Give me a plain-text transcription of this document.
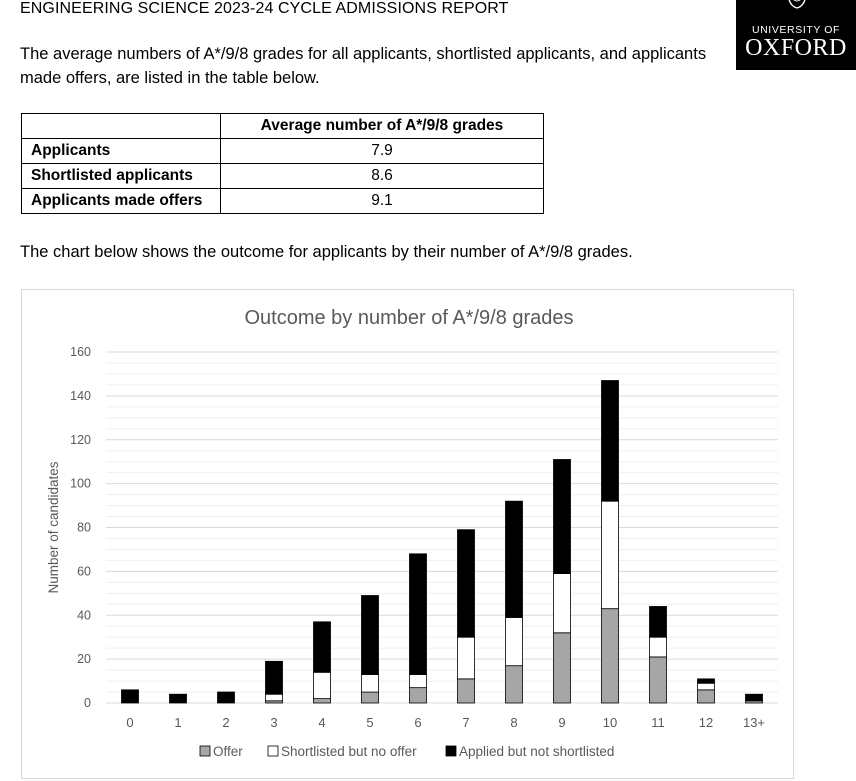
ENGINEERING SCIENCE 2023-24 CYCLE ADMISSIONS REPORT
UNIVERSITY OF
OXFORD
The average numbers of A*/9/8 grades for all applicants, shortlisted applicants, and applicants made offers, are listed in the table below.
	Average number of A*/9/8 grades
Applicants	7.9
Shortlisted applicants	8.6
Applicants made offers	9.1
The chart below shows the outcome for applicants by their number of A*/9/8 grades.
Outcome by number of A*/9/8 grades
0
20
40
60
80
100
120
140
160
Number of candidates
0	1	2	3	4	5	6	7	8	9	10	11	12 13+
Offer	Shortlisted but no offer	Applied but not shortlisted
